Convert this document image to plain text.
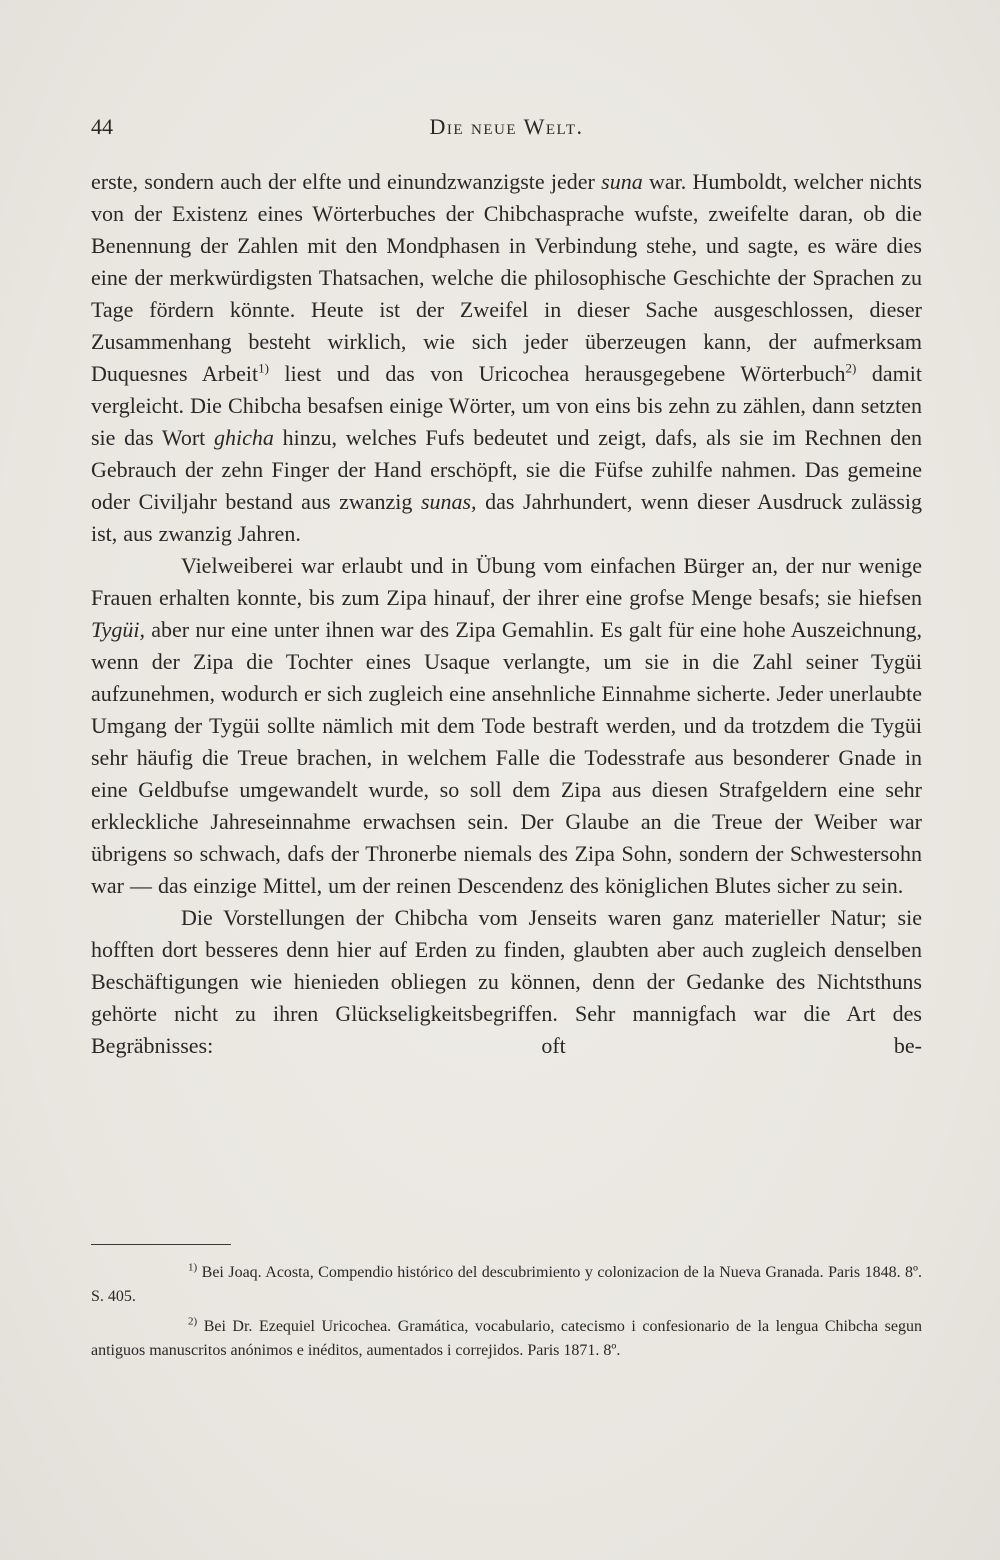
44	Die neue Welt.

erste, sondern auch der elfte und einundzwanzigste jeder suna war. Humboldt, welcher nichts von der Existenz eines Wörterbuches der Chibchasprache wufste, zweifelte daran, ob die Benennung der Zahlen mit den Mondphasen in Verbindung stehe, und sagte, es wäre dies eine der merkwürdigsten Thatsachen, welche die philosophische Geschichte der Sprachen zu Tage fördern könnte. Heute ist der Zweifel in dieser Sache ausgeschlossen, dieser Zusammenhang besteht wirklich, wie sich jeder überzeugen kann, der aufmerksam Duquesnes Arbeit$^{1)}$ liest und das von Uricochea herausgegebene Wörterbuch$^{2)}$ damit vergleicht. Die Chibcha besafsen einige Wörter, um von eins bis zehn zu zählen, dann setzten sie das Wort ghicha hinzu, welches Fufs bedeutet und zeigt, dafs, als sie im Rechnen den Gebrauch der zehn Finger der Hand erschöpft, sie die Füfse zuhilfe nahmen. Das gemeine oder Civiljahr bestand aus zwanzig sunas, das Jahrhundert, wenn dieser Ausdruck zulässig ist, aus zwanzig Jahren.

Vielweiberei war erlaubt und in Übung vom einfachen Bürger an, der nur wenige Frauen erhalten konnte, bis zum Zipa hinauf, der ihrer eine grofse Menge besafs; sie hiefsen Tygüi, aber nur eine unter ihnen war des Zipa Gemahlin. Es galt für eine hohe Auszeichnung, wenn der Zipa die Tochter eines Usaque verlangte, um sie in die Zahl seiner Tygüi aufzunehmen, wodurch er sich zugleich eine ansehnliche Einnahme sicherte. Jeder unerlaubte Umgang der Tygüi sollte nämlich mit dem Tode bestraft werden, und da trotzdem die Tygüi sehr häufig die Treue brachen, in welchem Falle die Todesstrafe aus besonderer Gnade in eine Geldbufse umgewandelt wurde, so soll dem Zipa aus diesen Strafgeldern eine sehr erkleckliche Jahreseinnahme erwachsen sein. Der Glaube an die Treue der Weiber war übrigens so schwach, dafs der Thronerbe niemals des Zipa Sohn, sondern der Schwestersohn war — das einzige Mittel, um der reinen Descendenz des königlichen Blutes sicher zu sein.

Die Vorstellungen der Chibcha vom Jenseits waren ganz materieller Natur; sie hofften dort besseres denn hier auf Erden zu finden, glaubten aber auch zugleich denselben Beschäftigungen wie hienieden obliegen zu können, denn der Gedanke des Nichtsthuns gehörte nicht zu ihren Glückseligkeitsbegriffen. Sehr mannigfach war die Art des Begräbnisses: oft be-

$^{1)}$ Bei Joaq. Acosta, Compendio histórico del descubrimiento y colonizacion de la Nueva Granada. Paris 1848. 8º. S. 405.

$^{2)}$ Bei Dr. Ezequiel Uricochea. Gramática, vocabulario, catecismo i confesionario de la lengua Chibcha segun antiguos manuscritos anónimos e inéditos, aumentados i correjidos. Paris 1871. 8º.
